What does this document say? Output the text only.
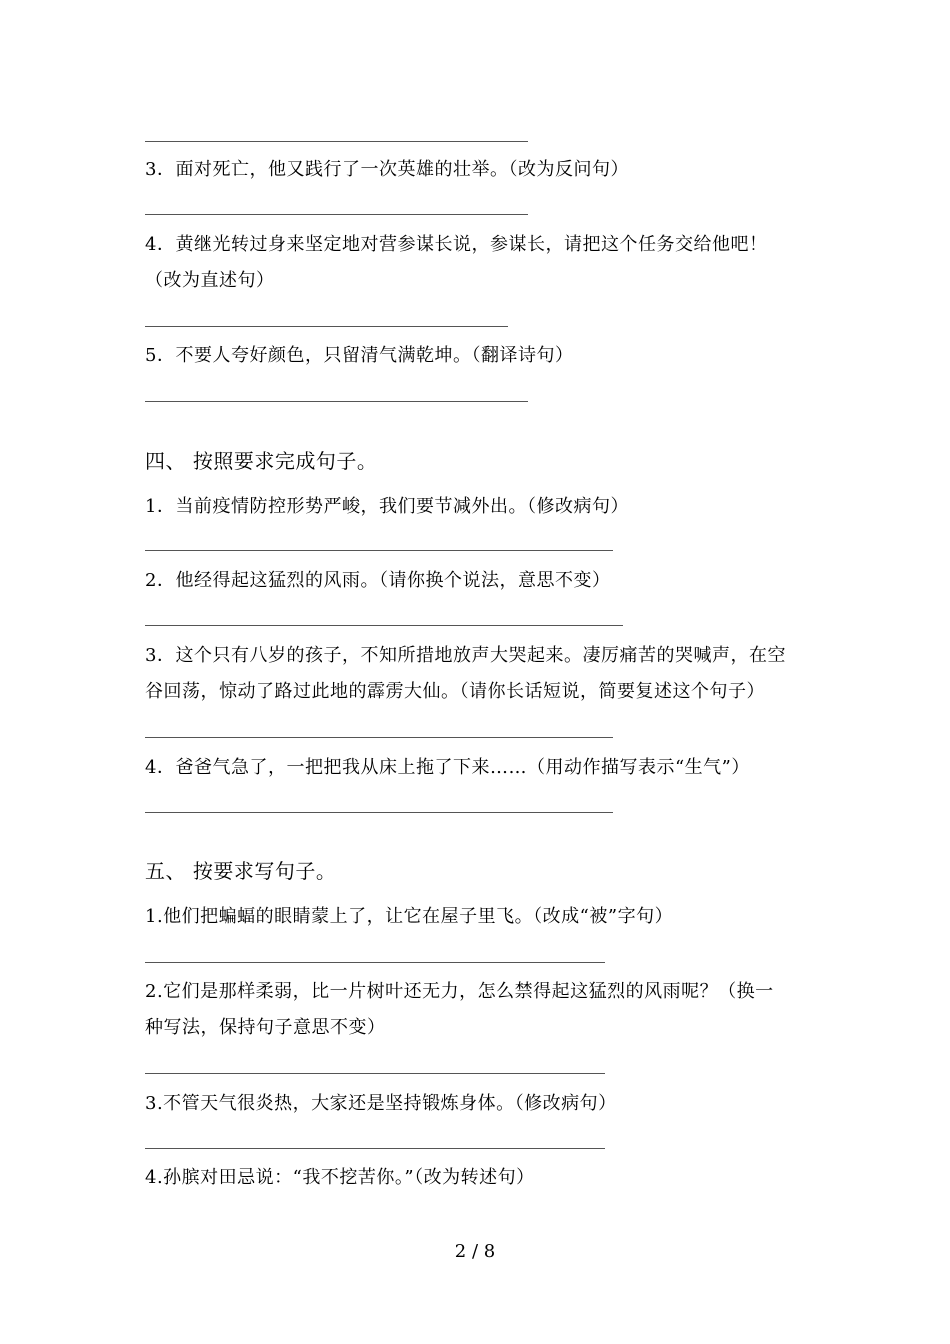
3．面对死亡，他又践行了一次英雄的壮举。（改为反问句）
4．黄继光转过身来坚定地对营参谋长说，参谋长，请把这个任务交给他吧！
（改为直述句）
5．不要人夸好颜色，只留清气满乾坤。（翻译诗句）
四、 按照要求完成句子。
1．当前疫情防控形势严峻，我们要节减外出。（修改病句）
2．他经得起这猛烈的风雨。（请你换个说法，意思不变）
3．这个只有八岁的孩子，不知所措地放声大哭起来。凄厉痛苦的哭喊声，在空
谷回荡，惊动了路过此地的霹雳大仙。（请你长话短说，简要复述这个句子）
4．爸爸气急了，一把把我从床上拖了下来……（用动作描写表示“生气”）
五、 按要求写句子。
1.他们把蝙蝠的眼睛蒙上了，让它在屋子里飞。（改成“被”字句）
2.它们是那样柔弱，比一片树叶还无力，怎么禁得起这猛烈的风雨呢？（换一
种写法，保持句子意思不变）
3.不管天气很炎热，大家还是坚持锻炼身体。（修改病句）
4.孙膑对田忌说：“我不挖苦你。”（改为转述句）
2 / 8
